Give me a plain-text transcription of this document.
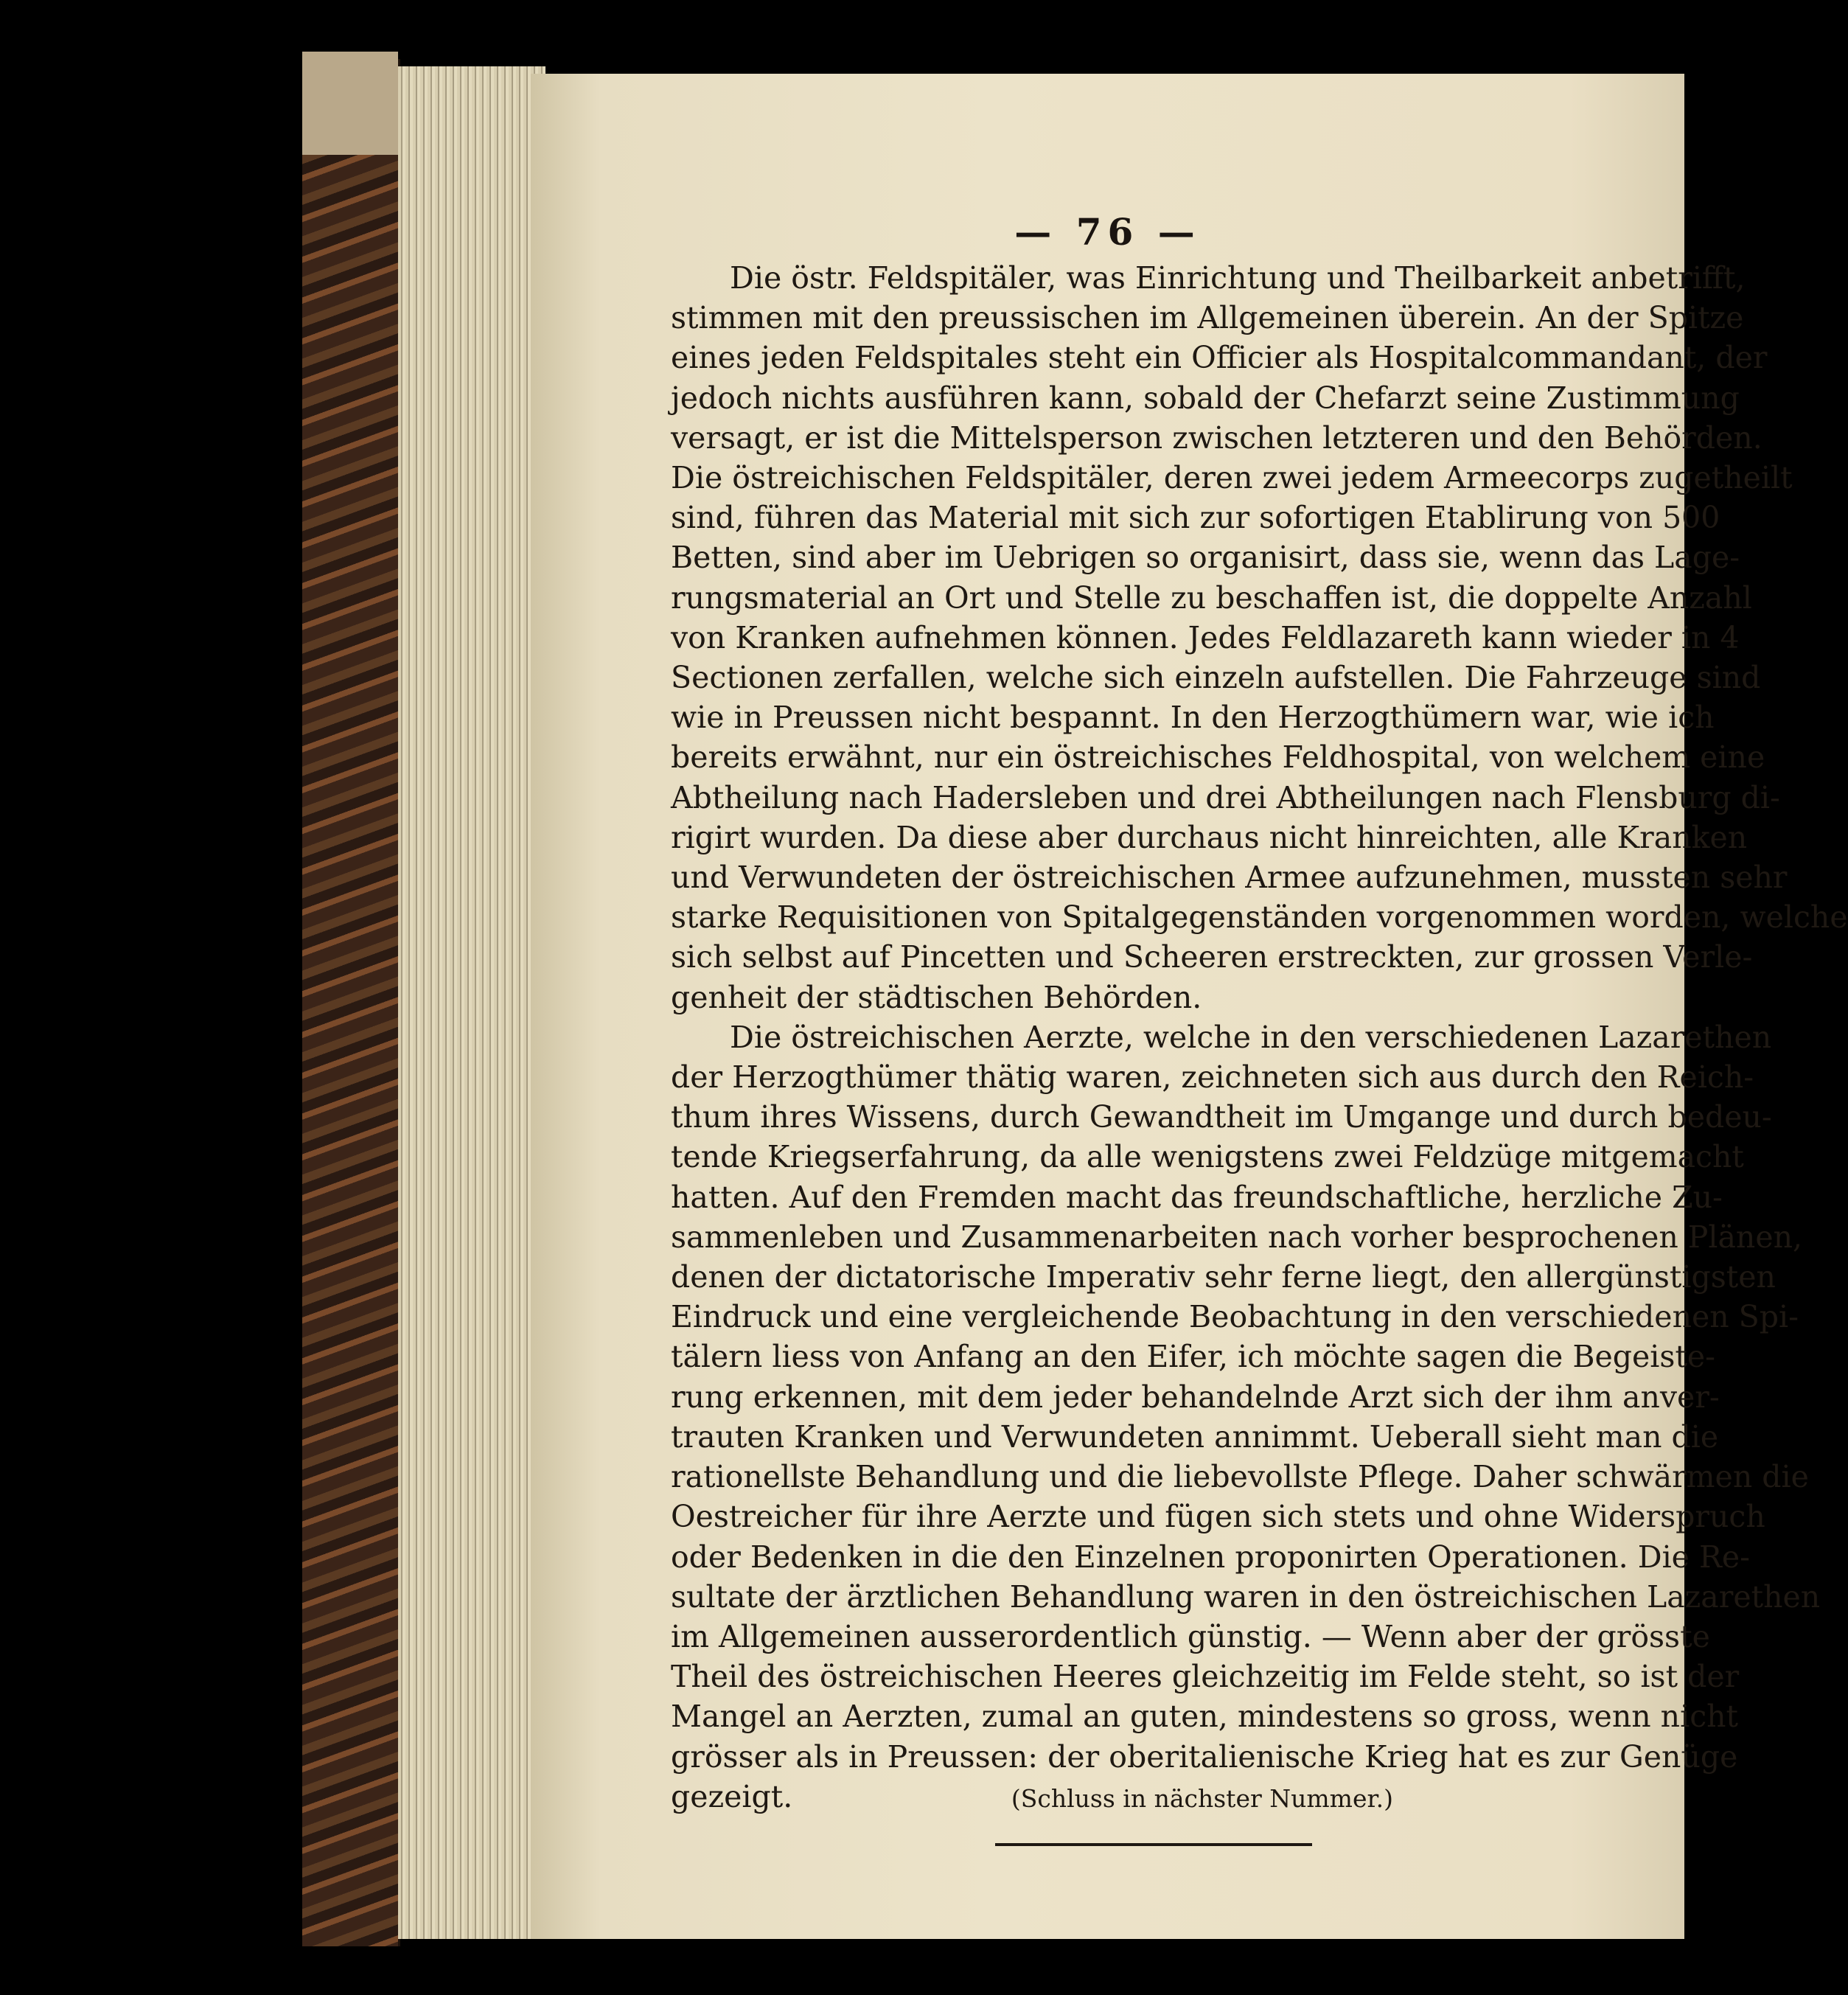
— 76 —
Die östr. Feldspitäler, was Einrichtung und Theilbarkeit anbetrifft,
stimmen mit den preussischen im Allgemeinen überein. An der Spitze
eines jeden Feldspitales steht ein Officier als Hospitalcommandant, der
jedoch nichts ausführen kann, sobald der Chefarzt seine Zustimmung
versagt, er ist die Mittelsperson zwischen letzteren und den Behörden.
Die östreichischen Feldspitäler, deren zwei jedem Armeecorps zugetheilt
sind, führen das Material mit sich zur sofortigen Etablirung von 500
Betten, sind aber im Uebrigen so organisirt, dass sie, wenn das Lage-
rungsmaterial an Ort und Stelle zu beschaffen ist, die doppelte Anzahl
von Kranken aufnehmen können. Jedes Feldlazareth kann wieder in 4
Sectionen zerfallen, welche sich einzeln aufstellen. Die Fahrzeuge sind
wie in Preussen nicht bespannt. In den Herzogthümern war, wie ich
bereits erwähnt, nur ein östreichisches Feldhospital, von welchem eine
Abtheilung nach Hadersleben und drei Abtheilungen nach Flensburg di-
rigirt wurden. Da diese aber durchaus nicht hinreichten, alle Kranken
und Verwundeten der östreichischen Armee aufzunehmen, mussten sehr
starke Requisitionen von Spitalgegenständen vorgenommen worden, welche
sich selbst auf Pincetten und Scheeren erstreckten, zur grossen Verle-
genheit der städtischen Behörden.
Die östreichischen Aerzte, welche in den verschiedenen Lazarethen
der Herzogthümer thätig waren, zeichneten sich aus durch den Reich-
thum ihres Wissens, durch Gewandtheit im Umgange und durch bedeu-
tende Kriegserfahrung, da alle wenigstens zwei Feldzüge mitgemacht
hatten. Auf den Fremden macht das freundschaftliche, herzliche Zu-
sammenleben und Zusammenarbeiten nach vorher besprochenen Plänen,
denen der dictatorische Imperativ sehr ferne liegt, den allergünstigsten
Eindruck und eine vergleichende Beobachtung in den verschiedenen Spi-
tälern liess von Anfang an den Eifer, ich möchte sagen die Begeiste-
rung erkennen, mit dem jeder behandelnde Arzt sich der ihm anver-
trauten Kranken und Verwundeten annimmt. Ueberall sieht man die
rationellste Behandlung und die liebevollste Pflege. Daher schwärmen die
Oestreicher für ihre Aerzte und fügen sich stets und ohne Widerspruch
oder Bedenken in die den Einzelnen proponirten Operationen. Die Re-
sultate der ärztlichen Behandlung waren in den östreichischen Lazarethen
im Allgemeinen ausserordentlich günstig. — Wenn aber der grösste
Theil des östreichischen Heeres gleichzeitig im Felde steht, so ist der
Mangel an Aerzten, zumal an guten, mindestens so gross, wenn nicht
grösser als in Preussen: der oberitalienische Krieg hat es zur Genüge
gezeigt.	(Schluss in nächster Nummer.)
